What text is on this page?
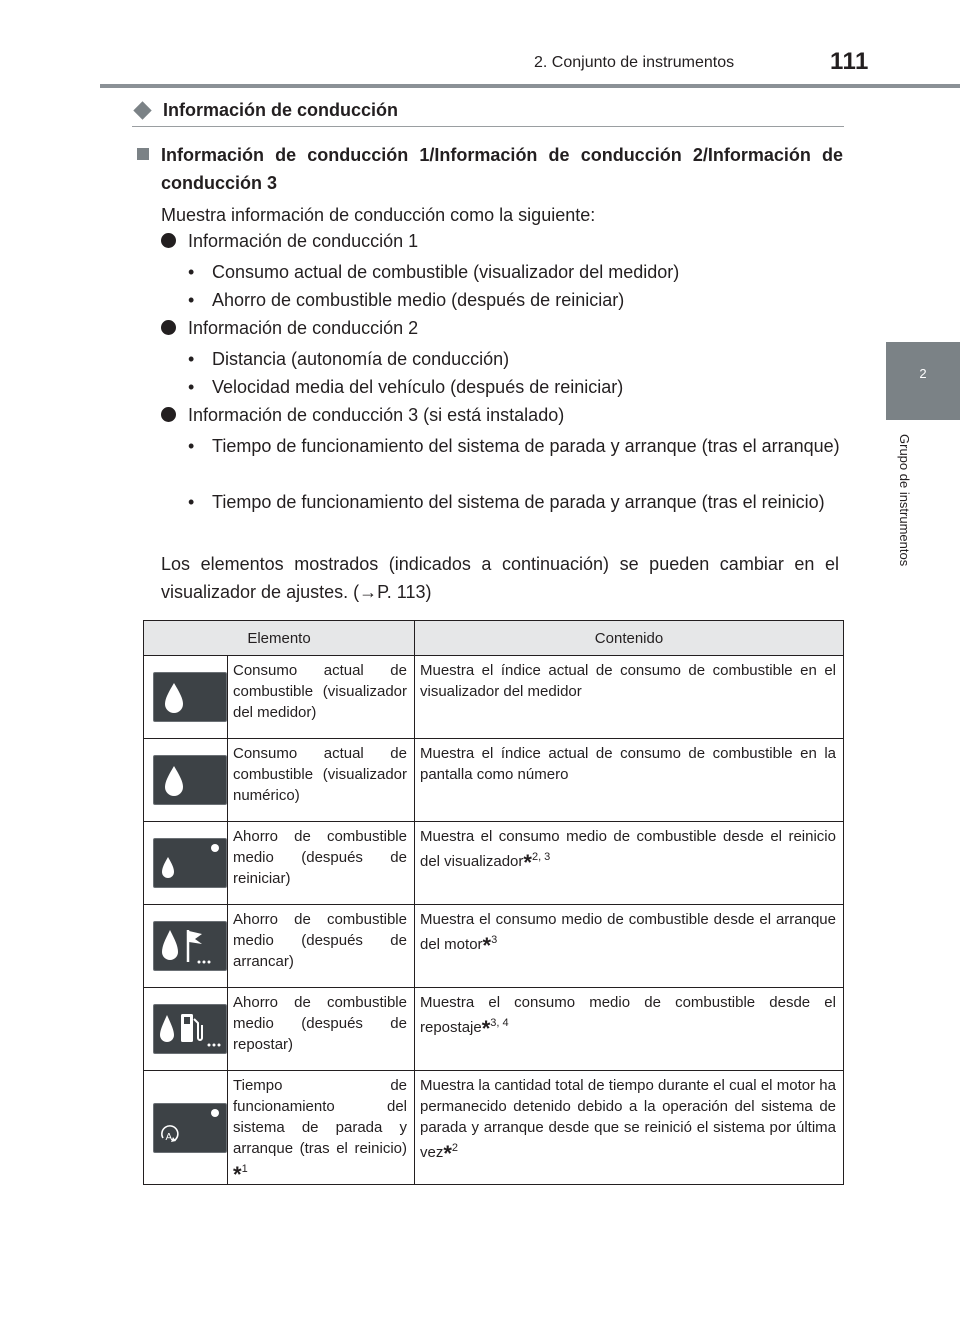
2. Conjunto de instrumentos	111
2
Grupo de instrumentos
Información de conducción
Información de conducción 1/Información de conducción 2/Información de conducción 3
Muestra información de conducción como la siguiente:
Información de conducción 1
• Consumo actual de combustible (visualizador del medidor)
• Ahorro de combustible medio (después de reiniciar)
Información de conducción 2
• Distancia (autonomía de conducción)
• Velocidad media del vehículo (después de reiniciar)
Información de conducción 3 (si está instalado)
• Tiempo de funcionamiento del sistema de parada y arranque (tras el arranque)
• Tiempo de funcionamiento del sistema de parada y arranque (tras el reinicio)
Los elementos mostrados (indicados a continuación) se pueden cambiar en el visualizador de ajustes. (→P. 113)
Elemento		Contenido

	Consumo actual de combustible (visualizador del medidor)	Muestra el índice actual de consumo de combustible en el visualizador del medidor

	Consumo actual de combustible (visualizador numérico)	Muestra el índice actual de consumo de combustible en la pantalla como número

	Ahorro de combustible medio (después de reiniciar)	Muestra el consumo medio de combustible desde el reinicio del visualizador*$^{2, 3}$

	Ahorro de combustible medio (después de arrancar)	Muestra el consumo medio de combustible desde el arranque del motor*$^3$

	Ahorro de combustible medio (después de repostar)	Muestra el consumo medio de combustible desde el repostaje*$^{3, 4}$

A	Tiempo de funcionamiento del sistema de parada y arranque (tras el reinicio) *$^1$	Muestra la cantidad total de tiempo durante el cual el motor ha permanecido detenido debido a la operación del sistema de parada y arranque desde que se reinició el sistema por última vez*$^2$
